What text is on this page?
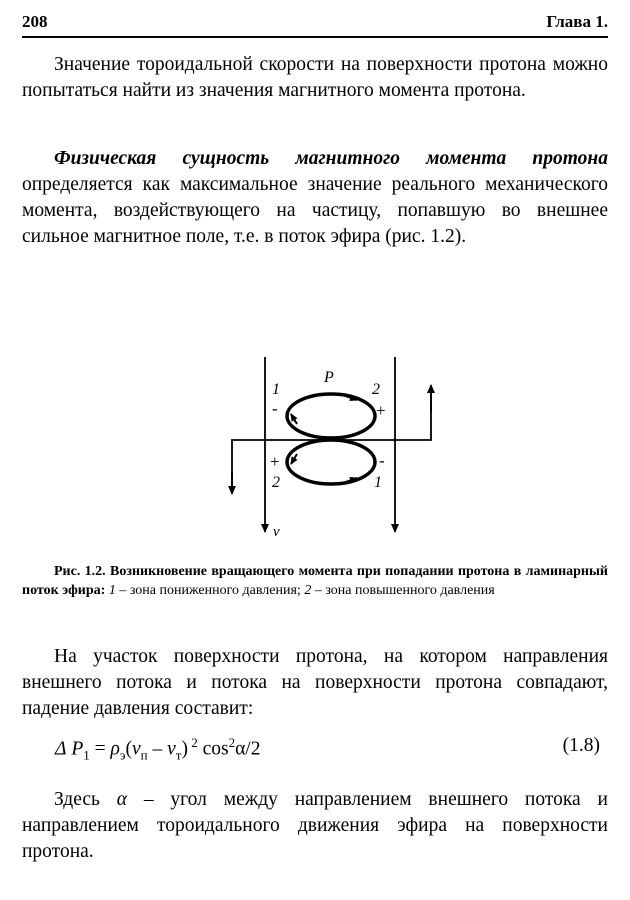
208	Глава 1.

Значение тороидальной скорости на поверхности протона можно попытаться найти из значения магнитного момента протона.

Физическая сущность магнитного момента протона определяется как максимальное значение реального механического момента, воздействующего на частицу, попавшую во внешнее сильное магнитное поле, т.е. в поток эфира (рис. 1.2).

P
1	2
-	+
+	-
2	1
v

Рис. 1.2. Возникновение вращающего момента при попадании протона в ламинарный поток эфира: 1 – зона пониженного давления; 2 – зона повышенного давления

На участок поверхности протона, на котором направления внешнего потока и потока на поверхности протона совпадают, падение давления составит:

Δ $P_1 = \rho_э(v_п - v_т)$ $^2$ $\cos^2\alpha/2$	(1.8)

Здесь α – угол между направлением внешнего потока и направлением тороидального движения эфира на поверхности протона.
